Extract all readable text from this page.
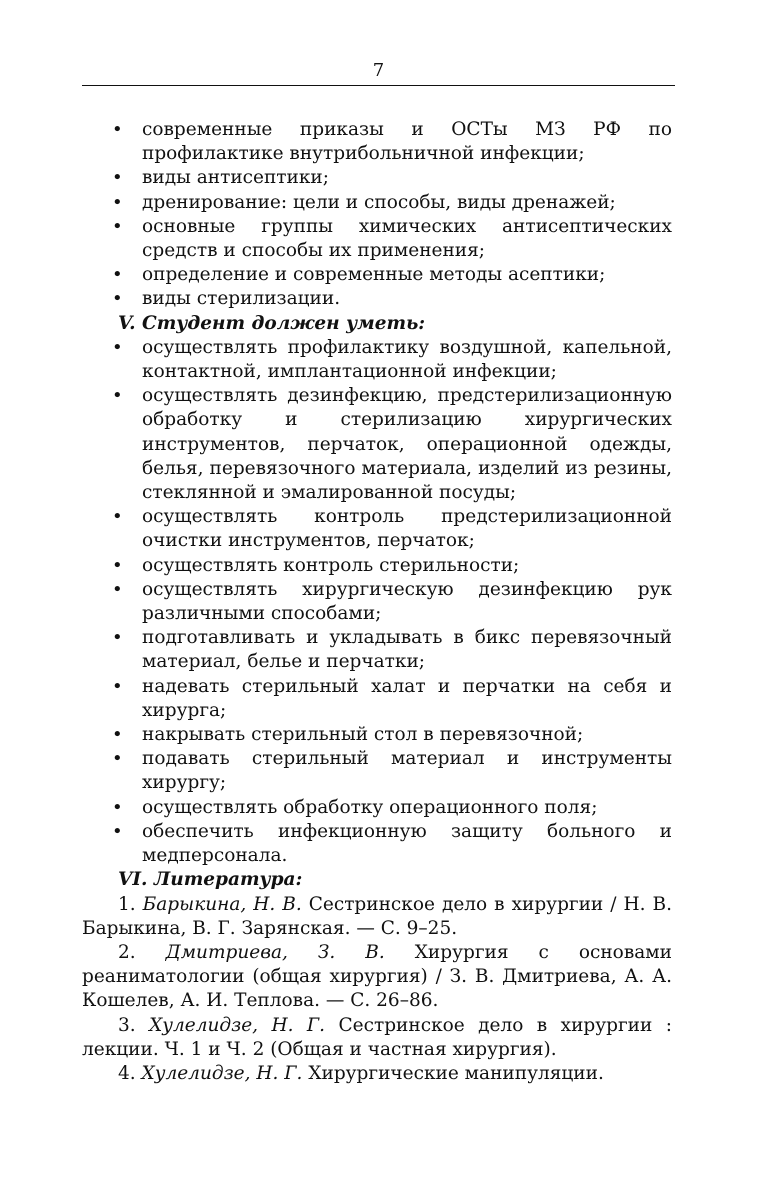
7
• современные приказы и ОСТы МЗ РФ по профилактике внутрибольничной инфекции;
• виды антисептики;
• дренирование: цели и способы, виды дренажей;
• основные группы химических антисептических средств и способы их применения;
• определение и современные методы асептики;
• виды стерилизации.

V. Студент должен уметь:

• осуществлять профилактику воздушной, капельной, контактной, имплантационной инфекции;
• осуществлять дезинфекцию, предстерилизационную обработку и стерилизацию хирургических инструментов, перчаток, операционной одежды, белья, перевязочного материала, изделий из резины, стеклянной и эмалированной посуды;
• осуществлять контроль предстерилизационной очистки инструментов, перчаток;
• осуществлять контроль стерильности;
• осуществлять хирургическую дезинфекцию рук различными способами;
• подготавливать и укладывать в бикс перевязочный материал, белье и перчатки;
• надевать стерильный халат и перчатки на себя и хирурга;
• накрывать стерильный стол в перевязочной;
• подавать стерильный материал и инструменты хирургу;
• осуществлять обработку операционного поля;
• обеспечить инфекционную защиту больного и медперсонала.

VI. Литература:

1. Барыкина, Н. В. Сестринское дело в хирургии / Н. В. Барыкина, В. Г. Зарянская. — С. 9–25.

2. Дмитриева, З. В. Хирургия с основами реаниматологии (общая хирургия) / З. В. Дмитриева, А. А. Кошелев, А. И. Теплова. — С. 26–86.

3. Хулелидзе, Н. Г. Сестринское дело в хирургии : лекции. Ч. 1 и Ч. 2 (Общая и частная хирургия).

4. Хулелидзе, Н. Г. Хирургические манипуляции.
